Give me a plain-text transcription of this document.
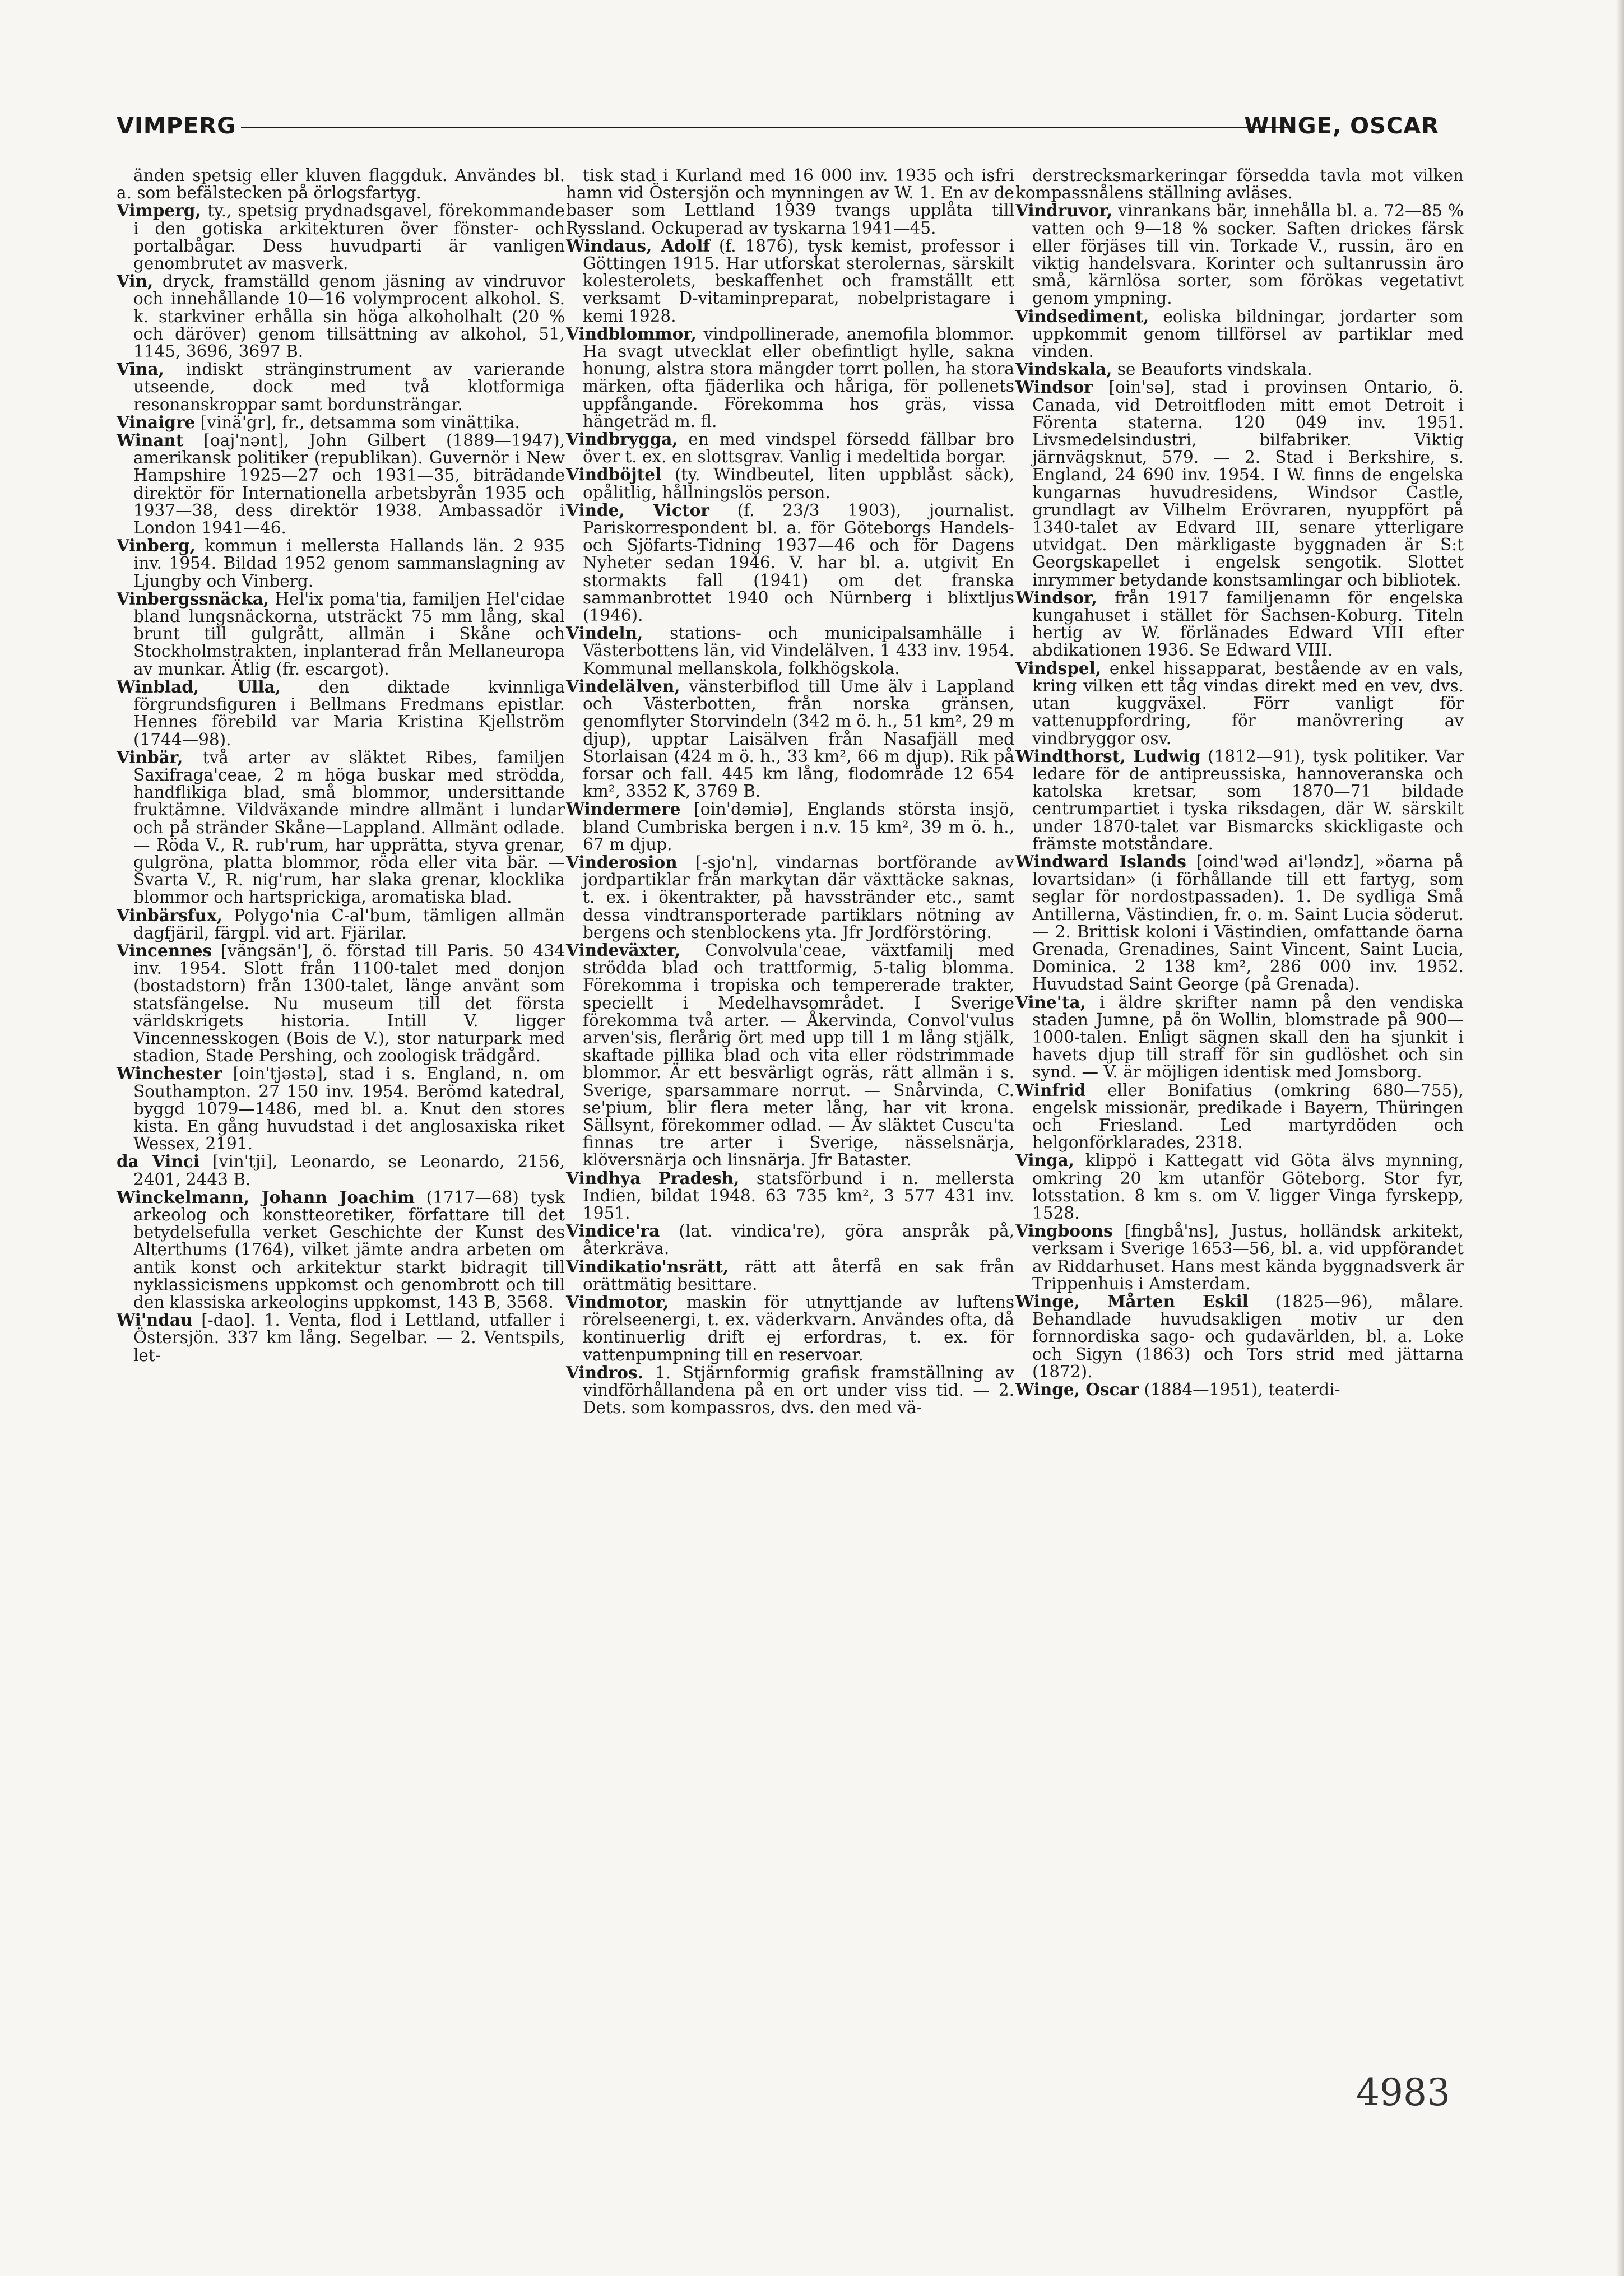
VIMPERG	WINGE, OSCAR

änden spetsig eller kluven flaggduk. Användes bl. a. som befälstecken på örlogsfartyg.

Vimperg, ty., spetsig prydnadsgavel, förekommande i den gotiska arkitekturen över fönster- och portalbågar. Dess huvudparti är vanligen genombrutet av masverk.

Vin, dryck, framställd genom jäsning av vindruvor och innehållande 10—16 volymprocent alkohol. S. k. starkviner erhålla sin höga alkoholhalt (20 % och däröver) genom tillsättning av alkohol, 51, 1145, 3696, 3697 B.

Vīna, indiskt stränginstrument av varierande utseende, dock med två klotformiga resonanskroppar samt bordunsträngar.

Vinaigre [vinä'gr], fr., detsamma som vinättika.

Winant [oaj'nənt], John Gilbert (1889—1947), amerikansk politiker (republikan). Guvernör i New Hampshire 1925—27 och 1931—35, biträdande direktör för Internationella arbetsbyrån 1935 och 1937—38, dess direktör 1938. Ambassadör i London 1941—46.

Vinberg, kommun i mellersta Hallands län. 2 935 inv. 1954. Bildad 1952 genom sammanslagning av Ljungby och Vinberg.

Vinbergssnäcka, Hel'ix poma'tia, familjen Hel'cidae bland lungsnäckorna, utsträckt 75 mm lång, skal brunt till gulgrått, allmän i Skåne och Stockholmstrakten, inplanterad från Mellaneuropa av munkar. Ätlig (fr. escargot).

Winblad, Ulla, den diktade kvinnliga förgrundsfiguren i Bellmans Fredmans epistlar. Hennes förebild var Maria Kristina Kjellström (1744—98).

Vinbär, två arter av släktet Ribes, familjen Saxifraga'ceae, 2 m höga buskar med strödda, handflikiga blad, små blommor, undersittande fruktämne. Vildväxande mindre allmänt i lundar och på stränder Skåne—Lappland. Allmänt odlade. — Röda V., R. rub'rum, har upprätta, styva grenar, gulgröna, platta blommor, röda eller vita bär. — Svarta V., R. nig'rum, har slaka grenar, klocklika blommor och hartsprickiga, aromatiska blad.

Vinbärsfux, Polygo'nia C-al'bum, tämligen allmän dagfjäril, färgpl. vid art. Fjärilar.

Vincennes [vängsän'], ö. förstad till Paris. 50 434 inv. 1954. Slott från 1100-talet med donjon (bostadstorn) från 1300-talet, länge använt som statsfängelse. Nu museum till det första världskrigets historia. Intill V. ligger Vincennesskogen (Bois de V.), stor naturpark med stadion, Stade Pershing, och zoologisk trädgård.

Winchester [oin'tjəstə], stad i s. England, n. om Southampton. 27 150 inv. 1954. Berömd katedral, byggd 1079—1486, med bl. a. Knut den stores kista. En gång huvudstad i det anglosaxiska riket Wessex, 2191.

da Vinci [vin'tji], Leonardo, se Leonardo, 2156, 2401, 2443 B.

Winckelmann, Johann Joachim (1717—68) tysk arkeolog och konstteoretiker, författare till det betydelsefulla verket Geschichte der Kunst des Alterthums (1764), vilket jämte andra arbeten om antik konst och arkitektur starkt bidragit till nyklassicismens uppkomst och genombrott och till den klassiska arkeologins uppkomst, 143 B, 3568.

Wi'ndau [-dao]. 1. Venta, flod i Lettland, utfaller i Östersjön. 337 km lång. Segelbar. — 2. Ventspils, let-

tisk stad i Kurland med 16 000 inv. 1935 och isfri hamn vid Östersjön och mynningen av W. 1. En av de baser som Lettland 1939 tvangs upplåta till Ryssland. Ockuperad av tyskarna 1941—45.

Windaus, Adolf (f. 1876), tysk kemist, professor i Göttingen 1915. Har utforskat sterolernas, särskilt kolesterolets, beskaffenhet och framställt ett verksamt D-vitaminpreparat, nobelpristagare i kemi 1928.

Vindblommor, vindpollinerade, anemofila blommor. Ha svagt utvecklat eller obefintligt hylle, sakna honung, alstra stora mängder torrt pollen, ha stora märken, ofta fjäderlika och håriga, för pollenets uppfångande. Förekomma hos gräs, vissa hängeträd m. fl.

Vindbrygga, en med vindspel försedd fällbar bro över t. ex. en slottsgrav. Vanlig i medeltida borgar.

Vindböjtel (ty. Windbeutel, liten uppblåst säck), opålitlig, hållningslös person.

Vinde, Victor (f. 23/3 1903), journalist. Pariskorrespondent bl. a. för Göteborgs Handels- och Sjöfarts-Tidning 1937—46 och för Dagens Nyheter sedan 1946. V. har bl. a. utgivit En stormakts fall (1941) om det franska sammanbrottet 1940 och Nürnberg i blixtljus (1946).

Vindeln, stations- och municipalsamhälle i Västerbottens län, vid Vindelälven. 1 433 inv. 1954. Kommunal mellanskola, folkhögskola.

Vindelälven, vänsterbiflod till Ume älv i Lappland och Västerbotten, från norska gränsen, genomflyter Storvindeln (342 m ö. h., 51 km², 29 m djup), upptar Laisälven från Nasafjäll med Storlaisan (424 m ö. h., 33 km², 66 m djup). Rik på forsar och fall. 445 km lång, flodområde 12 654 km², 3352 K, 3769 B.

Windermere [oin'dəmiə], Englands största insjö, bland Cumbriska bergen i n.v. 15 km², 39 m ö. h., 67 m djup.

Vinderosion [-sjo'n], vindarnas bortförande av jordpartiklar från markytan där växttäcke saknas, t. ex. i ökentrakter, på havsstränder etc., samt dessa vindtransporterade partiklars nötning av bergens och stenblockens yta. Jfr Jordförstöring.

Vindeväxter, Convolvula'ceae, växtfamilj med strödda blad och trattformig, 5-talig blomma. Förekomma i tropiska och tempererade trakter, speciellt i Medelhavsområdet. I Sverige förekomma två arter. — Åkervinda, Convol'vulus arven'sis, flerårig ört med upp till 1 m lång stjälk, skaftade pillika blad och vita eller rödstrimmade blommor. Är ett besvärligt ogräs, rätt allmän i s. Sverige, sparsammare norrut. — Snårvinda, C. se'pium, blir flera meter lång, har vit krona. Sällsynt, förekommer odlad. — Av släktet Cuscu'ta finnas tre arter i Sverige, nässelsnärja, klöversnärja och linsnärja. Jfr Bataster.

Vindhya Pradesh, statsförbund i n. mellersta Indien, bildat 1948. 63 735 km², 3 577 431 inv. 1951.

Vindice'ra (lat. vindica're), göra anspråk på, återkräva.

Vindikatio'nsrätt, rätt att återfå en sak från orättmätig besittare.

Vindmotor, maskin för utnyttjande av luftens rörelseenergi, t. ex. väderkvarn. Användes ofta, då kontinuerlig drift ej erfordras, t. ex. för vattenpumpning till en reservoar.

Vindros. 1. Stjärnformig grafisk framställning av vindförhållandena på en ort under viss tid. — 2. Dets. som kompassros, dvs. den med vä-

derstrecksmarkeringar försedda tavla mot vilken kompassnålens ställning avläses.

Vindruvor, vinrankans bär, innehålla bl. a. 72—85 % vatten och 9—18 % socker. Saften drickes färsk eller förjäses till vin. Torkade V., russin, äro en viktig handelsvara. Korinter och sultanrussin äro små, kärnlösa sorter, som förökas vegetativt genom ympning.

Vindsediment, eoliska bildningar, jordarter som uppkommit genom tillförsel av partiklar med vinden.

Vindskala, se Beauforts vindskala.

Windsor [oin'sə], stad i provinsen Ontario, ö. Canada, vid Detroitfloden mitt emot Detroit i Förenta staterna. 120 049 inv. 1951. Livsmedelsindustri, bilfabriker. Viktig järnvägsknut, 579. — 2. Stad i Berkshire, s. England, 24 690 inv. 1954. I W. finns de engelska kungarnas huvudresidens, Windsor Castle, grundlagt av Vilhelm Erövraren, nyuppfört på 1340-talet av Edvard III, senare ytterligare utvidgat. Den märkligaste byggnaden är S:t Georgskapellet i engelsk sengotik. Slottet inrymmer betydande konstsamlingar och bibliotek.

Windsor, från 1917 familjenamn för engelska kungahuset i stället för Sachsen-Koburg. Titeln hertig av W. förlänades Edward VIII efter abdikationen 1936. Se Edward VIII.

Vindspel, enkel hissapparat, bestående av en vals, kring vilken ett tåg vindas direkt med en vev, dvs. utan kuggväxel. Förr vanligt för vattenuppfordring, för manövrering av vindbryggor osv.

Windthorst, Ludwig (1812—91), tysk politiker. Var ledare för de antipreussiska, hannoveranska och katolska kretsar, som 1870—71 bildade centrumpartiet i tyska riksdagen, där W. särskilt under 1870-talet var Bismarcks skickligaste och främste motståndare.

Windward Islands [oind'wəd ai'ləndz], »öarna på lovartsidan» (i förhållande till ett fartyg, som seglar för nordostpassaden). 1. De sydliga Små Antillerna, Västindien, fr. o. m. Saint Lucia söderut. — 2. Brittisk koloni i Västindien, omfattande öarna Grenada, Grenadines, Saint Vincent, Saint Lucia, Dominica. 2 138 km², 286 000 inv. 1952. Huvudstad Saint George (på Grenada).

Vine'ta, i äldre skrifter namn på den vendiska staden Jumne, på ön Wollin, blomstrade på 900—1000-talen. Enligt sägnen skall den ha sjunkit i havets djup till straff för sin gudlöshet och sin synd. — V. är möjligen identisk med Jomsborg.

Winfrid eller Bonifatius (omkring 680—755), engelsk missionär, predikade i Bayern, Thüringen och Friesland. Led martyrdöden och helgonförklarades, 2318.

Vinga, klippö i Kattegatt vid Göta älvs mynning, omkring 20 km utanför Göteborg. Stor fyr, lotsstation. 8 km s. om V. ligger Vinga fyrskepp, 1528.

Vingboons [fingbå'ns], Justus, holländsk arkitekt, verksam i Sverige 1653—56, bl. a. vid uppförandet av Riddarhuset. Hans mest kända byggnadsverk är Trippenhuis i Amsterdam.

Winge, Mårten Eskil (1825—96), målare. Behandlade huvudsakligen motiv ur den fornnordiska sago- och gudavärlden, bl. a. Loke och Sigyn (1863) och Tors strid med jättarna (1872).

Winge, Oscar (1884—1951), teaterdi-

4983
